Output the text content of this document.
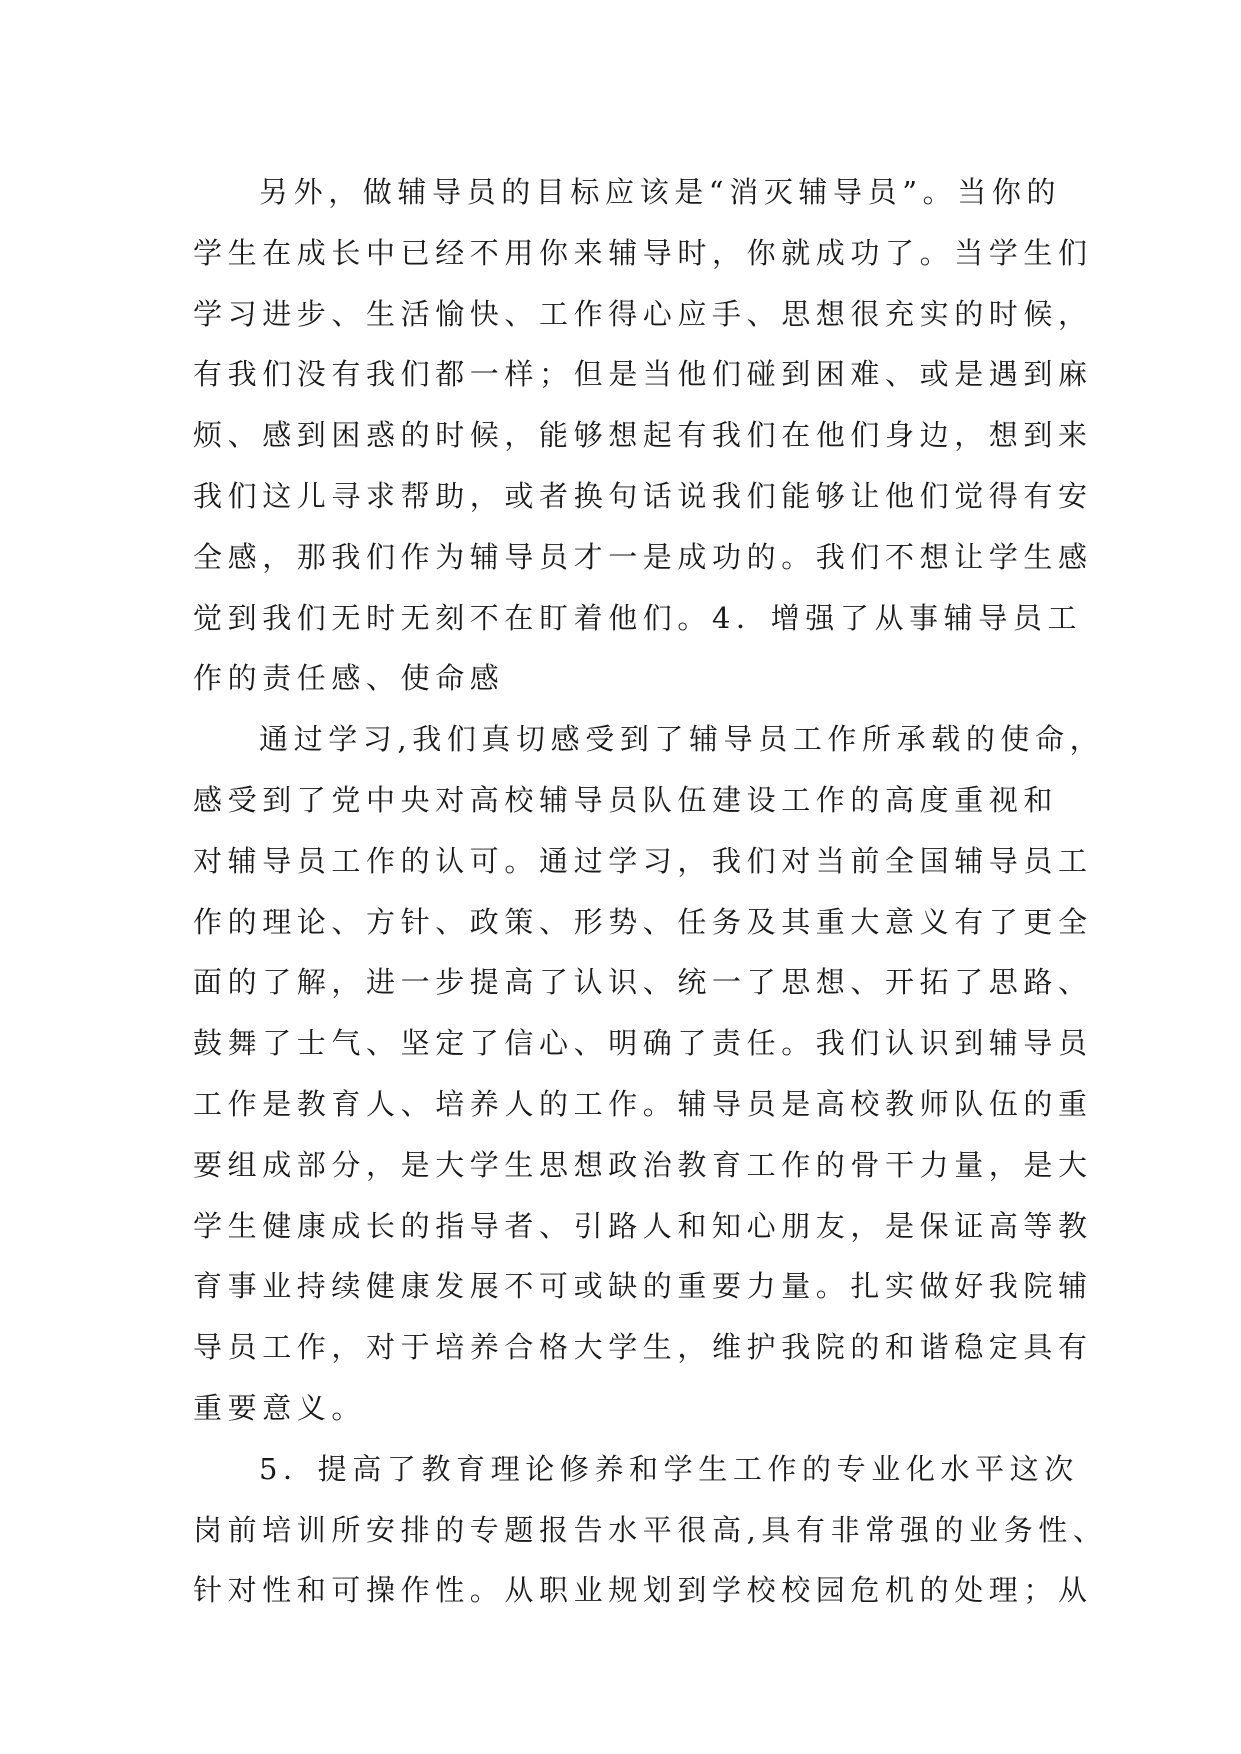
另外，做辅导员的目标应该是“消灭辅导员”。当你的
学生在成长中已经不用你来辅导时，你就成功了。当学生们
学习进步、生活愉快、工作得心应手、思想很充实的时候，
有我们没有我们都一样；但是当他们碰到困难、或是遇到麻
烦、感到困惑的时候，能够想起有我们在他们身边，想到来
我们这儿寻求帮助，或者换句话说我们能够让他们觉得有安
全感，那我们作为辅导员才一是成功的。我们不想让学生感
觉到我们无时无刻不在盯着他们。4．增强了从事辅导员工
作的责任感、使命感
通过学习,我们真切感受到了辅导员工作所承载的使命，
感受到了党中央对高校辅导员队伍建设工作的高度重视和
对辅导员工作的认可。通过学习，我们对当前全国辅导员工
作的理论、方针、政策、形势、任务及其重大意义有了更全
面的了解，进一步提高了认识、统一了思想、开拓了思路、
鼓舞了士气、坚定了信心、明确了责任。我们认识到辅导员
工作是教育人、培养人的工作。辅导员是高校教师队伍的重
要组成部分，是大学生思想政治教育工作的骨干力量，是大
学生健康成长的指导者、引路人和知心朋友，是保证高等教
育事业持续健康发展不可或缺的重要力量。扎实做好我院辅
导员工作，对于培养合格大学生，维护我院的和谐稳定具有
重要意义。
5．提高了教育理论修养和学生工作的专业化水平这次
岗前培训所安排的专题报告水平很高,具有非常强的业务性、
针对性和可操作性。从职业规划到学校校园危机的处理；从
